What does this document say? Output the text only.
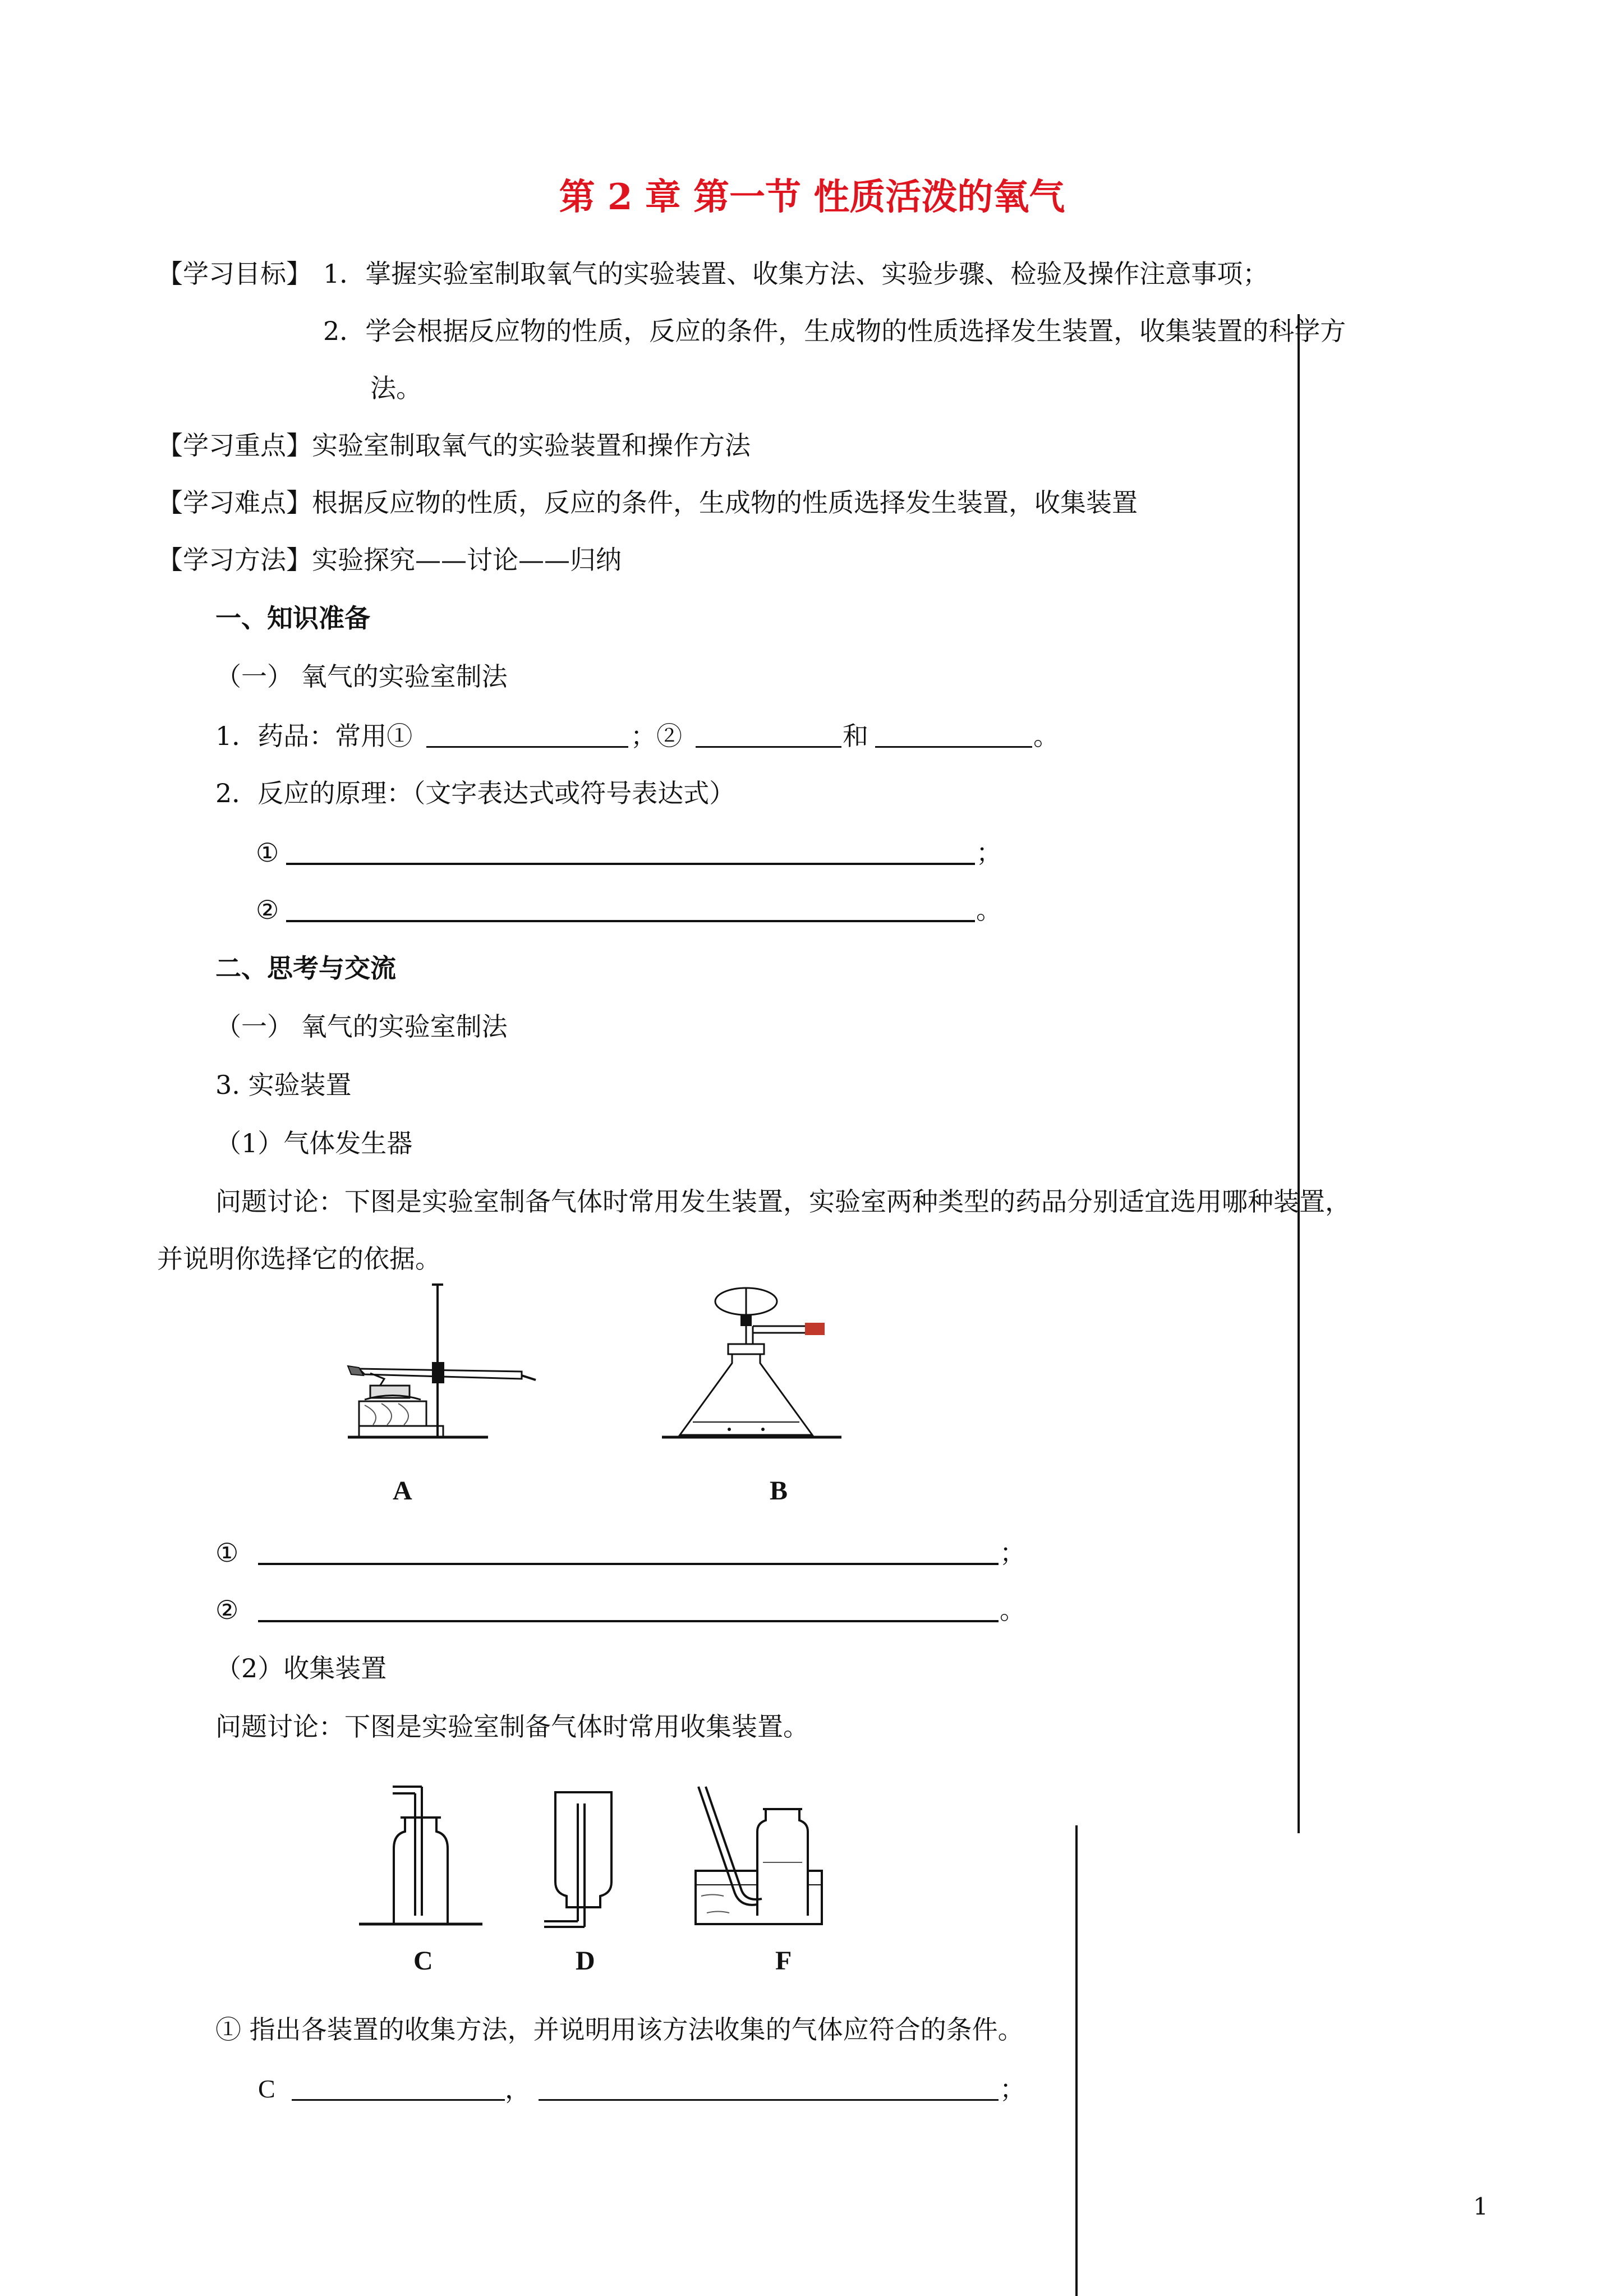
第 2 章 第一节 性质活泼的氧气
【学习目标】 1．掌握实验室制取氧气的实验装置、收集方法、实验步骤、检验及操作注意事项；
2．学会根据反应物的性质，反应的条件，生成物的性质选择发生装置，收集装置的科学方
法。
【学习重点】实验室制取氧气的实验装置和操作方法
【学习难点】根据反应物的性质，反应的条件，生成物的性质选择发生装置，收集装置
【学习方法】实验探究——讨论——归纳
一、知识准备
（一） 氧气的实验室制法
1．药品：常用①	；②	和	。
2．反应的原理：（文字表达式或符号表达式）
①	；
②	。
二、思考与交流
（一） 氧气的实验室制法
3. 实验装置
（1）气体发生器
问题讨论：下图是实验室制备气体时常用发生装置，实验室两种类型的药品分别适宜选用哪种装置，
并说明你选择它的依据。
A	B
①	；
②	。
（2）收集装置
问题讨论：下图是实验室制备气体时常用收集装置。
C	D	F
① 指出各装置的收集方法，并说明用该方法收集的气体应符合的条件。
C	，	；
1
